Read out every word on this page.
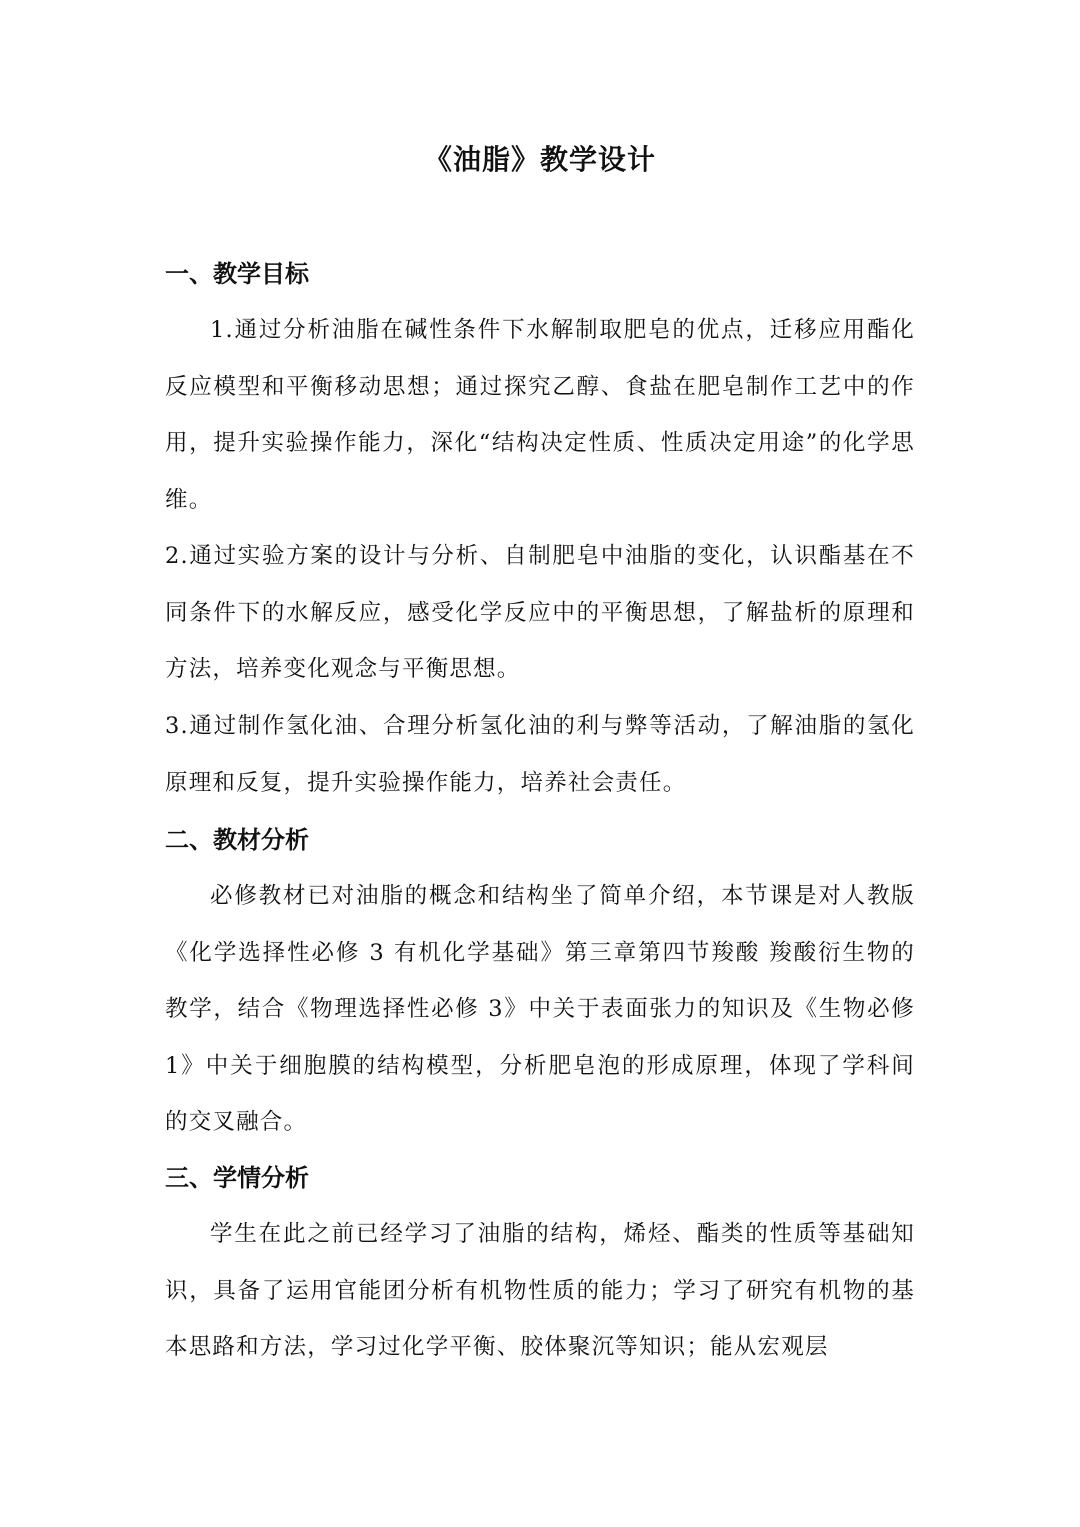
《油脂》教学设计
一、教学目标

1.通过分析油脂在碱性条件下水解制取肥皂的优点，迁移应用酯化反应模型和平衡移动思想；通过探究乙醇、食盐在肥皂制作工艺中的作用，提升实验操作能力，深化“结构决定性质、性质决定用途”的化学思维。

2.通过实验方案的设计与分析、自制肥皂中油脂的变化，认识酯基在不同条件下的水解反应，感受化学反应中的平衡思想，了解盐析的原理和方法，培养变化观念与平衡思想。

3.通过制作氢化油、合理分析氢化油的利与弊等活动，了解油脂的氢化原理和反复，提升实验操作能力，培养社会责任。

二、教材分析

必修教材已对油脂的概念和结构坐了简单介绍，本节课是对人教版《化学选择性必修 3 有机化学基础》第三章第四节羧酸 羧酸衍生物的教学，结合《物理选择性必修 3》中关于表面张力的知识及《生物必修 1》中关于细胞膜的结构模型，分析肥皂泡的形成原理，体现了学科间的交叉融合。

三、学情分析

学生在此之前已经学习了油脂的结构，烯烃、酯类的性质等基础知识，具备了运用官能团分析有机物性质的能力；学习了研究有机物的基本思路和方法，学习过化学平衡、胶体聚沉等知识；能从宏观层
